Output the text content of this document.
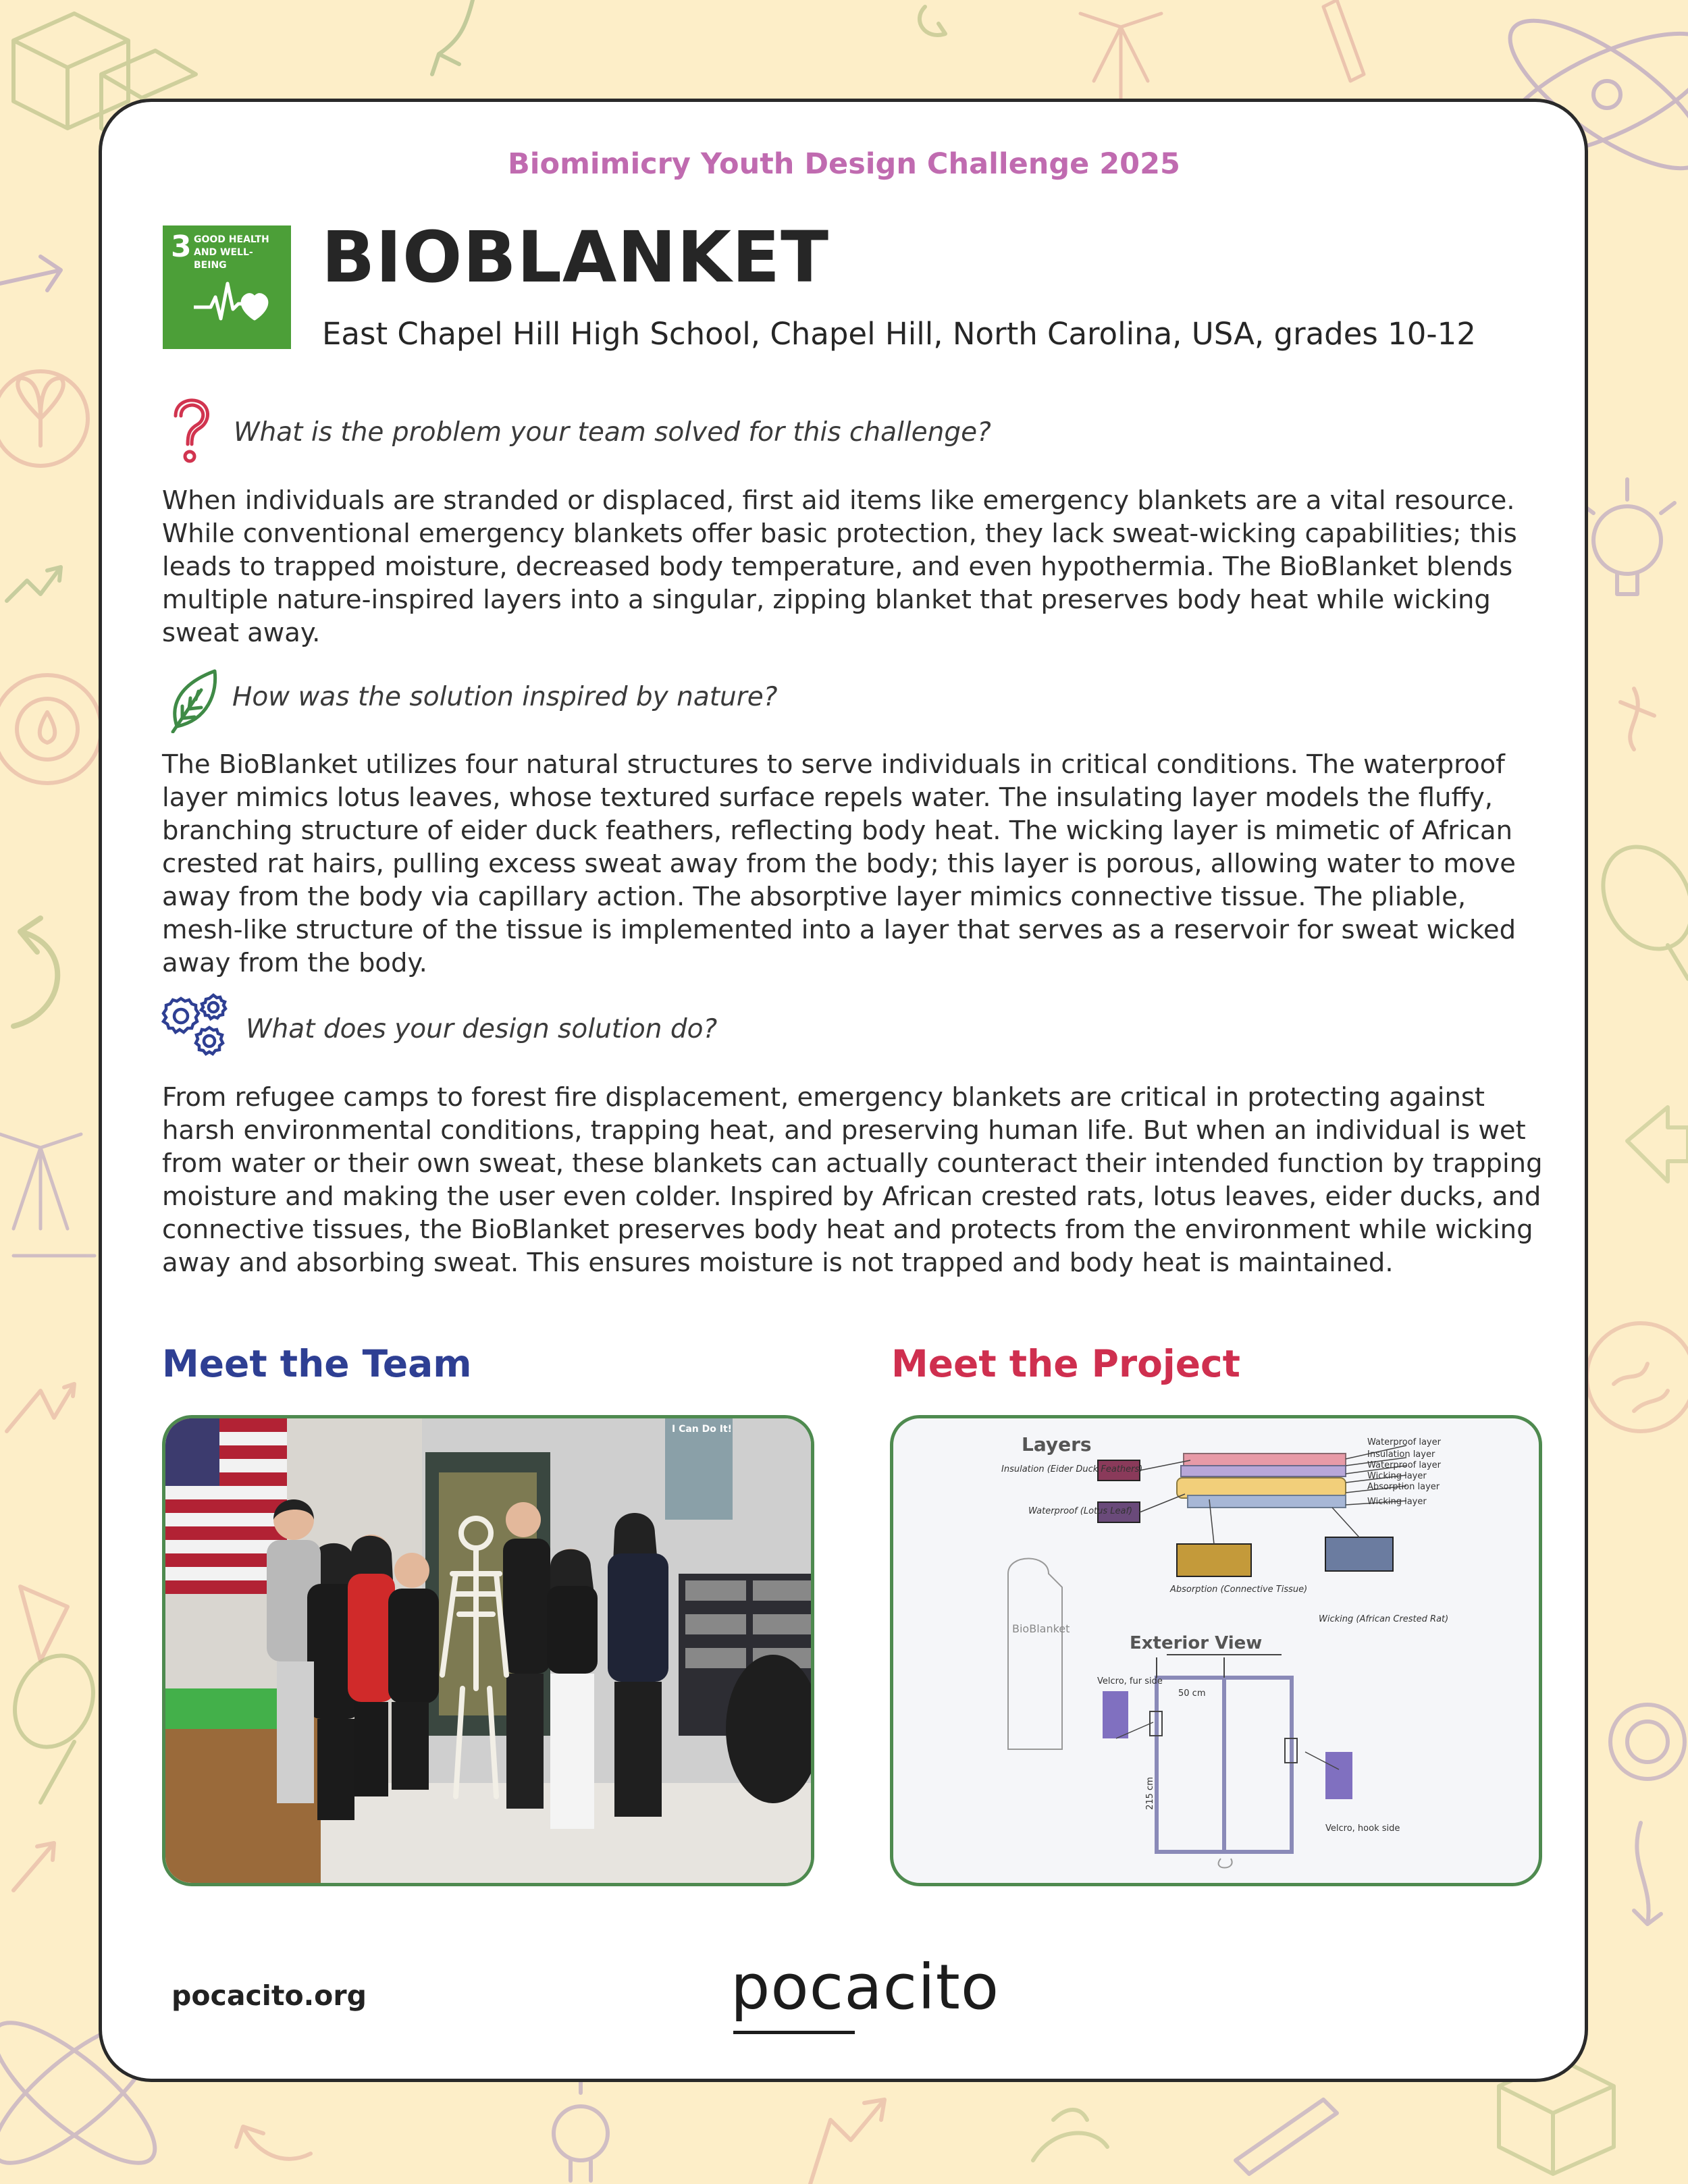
Biomimicry Youth Design Challenge 2025
3 GOOD HEALTH
AND WELL-BEING	BIOBLANKET
East Chapel Hill High School, Chapel Hill, North Carolina, USA, grades 10-12
What is the problem your team solved for this challenge?
When individuals are stranded or displaced, first aid items like emergency blankets are a vital resource. While conventional emergency blankets offer basic protection, they lack sweat-wicking capabilities; this leads to trapped moisture, decreased body temperature, and even hypothermia. The BioBlanket blends multiple nature-inspired layers into a singular, zipping blanket that preserves body heat while wicking sweat away.
How was the solution inspired by nature?
The BioBlanket utilizes four natural structures to serve individuals in critical conditions. The waterproof layer mimics lotus leaves, whose textured surface repels water. The insulating layer models the fluffy, branching structure of eider duck feathers, reflecting body heat. The wicking layer is mimetic of African crested rat hairs, pulling excess sweat away from the body; this layer is porous, allowing water to move away from the body via capillary action. The absorptive layer mimics connective tissue. The pliable, mesh-like structure of the tissue is implemented into a layer that serves as a reservoir for sweat wicked away from the body.
What does your design solution do?
From refugee camps to forest fire displacement, emergency blankets are critical in protecting against harsh environmental conditions, trapping heat, and preserving human life. But when an individual is wet from water or their own sweat, these blankets can actually counteract their intended function by trapping moisture and making the user even colder. Inspired by African crested rats, lotus leaves, eider ducks, and connective tissues, the BioBlanket preserves body heat and protects from the environment while wicking away and absorbing sweat. This ensures moisture is not trapped and body heat is maintained.
Meet the Team	Meet the Project
I Can Do It!
Layers	Waterproof layer
Insulation layer
Waterproof layer
Wicking layer
Absorption layer
Wicking layer
Insulation (Eider Duck Feathers)
Waterproof (Lotus Leaf)
Absorption (Connective Tissue)
Wicking (African Crested Rat)
BioBlanket
Exterior View
Velcro, fur side
Velcro, hook side
50 cm
215 cm
pocacito.org	pocacito
